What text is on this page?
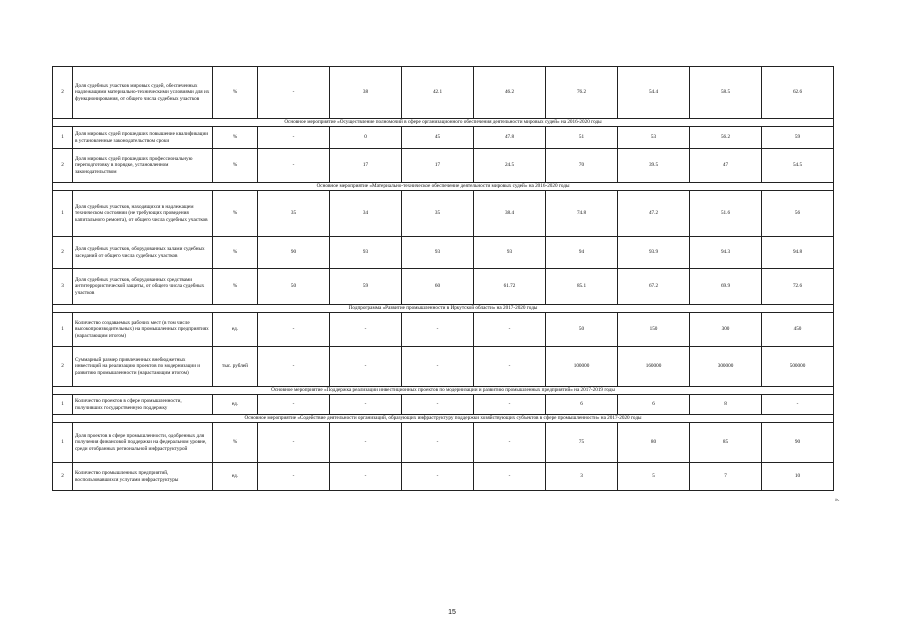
2	Доля судебных участков мировых судей, обеспеченных надлежащими материально-техническими условиями для их функционирования, от общего числа судебных участков	%	-	38	42.1	46.2	76.2	54.4	58.5	62.6
Основное мероприятие «Осуществление полномочий в сфере организационного обеспечения деятельности мировых судей» на 2016-2020 годы										
1	Доля мировых судей прошедших повышение квалификации в установленные законодательством сроки	%	-	0	45	47.8	51	53	56.2	59
2	Доля мировых судей прошедших профессиональную переподготовку в порядке, установленном законодательством	%	-	17	17	24.5	70	39.5	47	54.5
Основное мероприятие «Материально-техническое обеспечение деятельности мировых судей» на 2016-2020 годы										
1	Доля судебных участков, находящихся в надлежащем техническом состоянии (не требующих проведения капитального ремонта), от общего числа судебных участков	%	35	34	35	38.4	74.8	47.2	51.6	56
2	Доля судебных участков, оборудованных залами судебных заседаний от общего числа судебных участков	%	90	93	93	93	94	93.9	94.3	94.8
3	Доля судебных участков, оборудованных средствами антитеррористической защиты, от общего числа судебных участков	%	50	59	60	61.72	85.1	67.2	69.9	72.6
Подпрограмма «Развитие промышленности в Иркутской области» на 2017-2020 годы										
1	Количество создаваемых рабочих мест (в том числе высокопроизводительных) на промышленных предприятиях (нарастающим итогом)	ед.	-	-	-	-	50	150	300	450
2	Суммарный размер привлеченных внебюджетных инвестиций на реализацию проектов по модернизации и развитию промышленности (нарастающим итогом)	тыс. рублей	-	-	-	-	100000	160000	300000	500000
Основное мероприятие «Поддержка реализации инвестиционных проектов по модернизации и развитию промышленных предприятий» на 2017-2019 годы										
1	Количество проектов в сфере промышленности, получивших государственную поддержку	ед.	-	-	-	-	6	6	8	-
Основное мероприятие «Содействие деятельности организаций, образующих инфраструктуру поддержки хозяйствующих субъектов в сфере промышленности» на 2017-2020 годы										
1	Доля проектов в сфере промышленности, одобренных для получения финансовой поддержки на федеральном уровне, среди отобранных региональной инфраструктурой	%	-	-	-	-	75	80	85	90
2	Количество промышленных предприятий, воспользовавшихся услугами инфраструктуры	ед.	-	-	-	-	3	5	7	10
15
».
